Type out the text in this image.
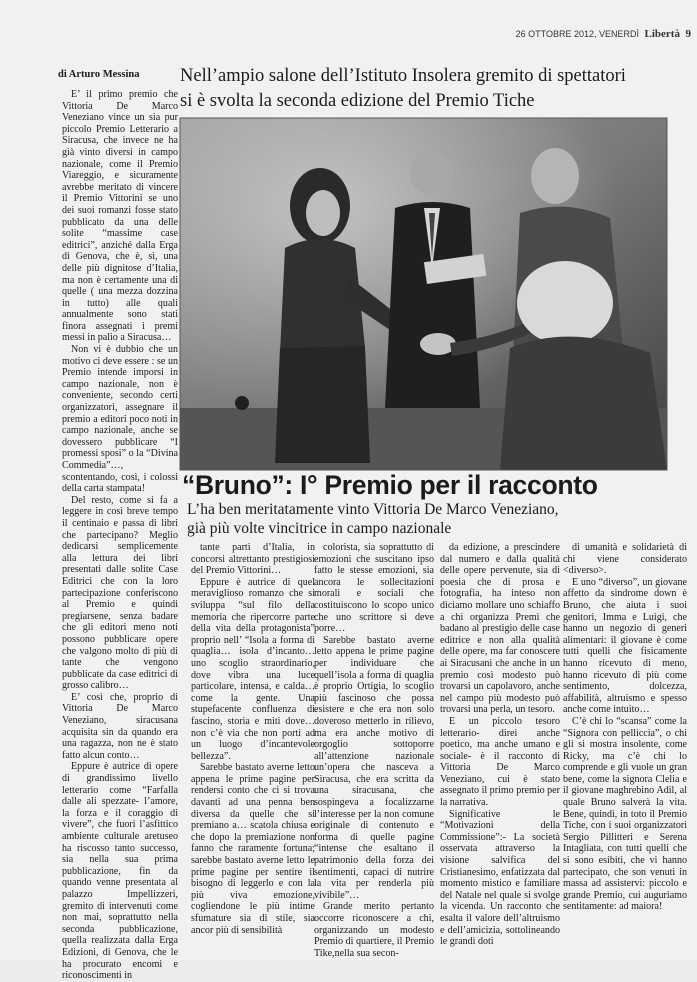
26 OTTOBRE 2012, VENERDÌ Libertà 9
di Arturo Messina Nell’ampio salone dell’Istituto Insolera gremito di spettatori
si è svolta la seconda edizione del Premio Tiche
“Bruno”: I° Premio per il racconto
L’ha ben meritatamente vinto Vittoria De Marco Veneziano,
già più volte vincitrice in campo nazionale

E’ il primo premio che Vittoria De Marco Veneziano vince un sia pur piccolo Premio Letterario a Siracusa, che invece ne ha già vinto diversi in campo nazionale, come il Premio Viareggio, e sicuramente avrebbe meritato di vincere il Premio Vittorini se uno dei suoi romanzi fosse stato pubblicato da una delle solite “massime case editrici”, anziché dalla Erga di Genova, che è, sì, una delle più dignitose d’Italia, ma non è certamente una di quelle ( una mezza dozzina in tutto) alle quali annualmente sono stati finora assegnati i premi messi in palio a Siracusa…

Non vi è dubbio che un motivo ci deve essere : se un Premio intende imporsi in campo nazionale, non è conveniente, secondo certi organizzatori, assegnare il premio a editori poco noti in campo nazionale, anche se dovessero pubblicare “I promessi sposi” o la “Divina Commedia”…, scontentando, così, i colossi della carta stampata!

Del resto, come si fa a leggere in così breve tempo il centinaio e passa di libri che partecipano? Meglio dedicarsi semplicemente alla lettura dei libri presentati dalle solite Case Editrici che con la loro partecipazione conferiscono al Premio e quindi pregiarsene, senza badare che gli editori meno noti possono pubblicare opere che valgono molto di più di tante che vengono pubblicate da case editrici di grosso calibro…

E’ così che, proprio di Vittoria De Marco Veneziano, siracusana acquisita sin da quando era una ragazza, non ne è stato fatto alcun conto…

Eppure è autrice di opere di grandissimo livello letterario come “Farfalla dalle ali spezzate- l’amore, la forza e il coraggio di vivere”, che fuori l’asfittico ambiente culturale aretuseo ha riscosso tanto successo, sia nella sua prima pubblicazione, fin da quando venne presentata al palazzo Impellizzeri, gremito di intervenuti come non mai, soprattutto nella seconda pubblicazione, quella realizzata dalla Erga Edizioni, di Genova, che le ha procurato encomi e riconoscimenti in

tante parti d’Italia, in concorsi altrettanto prestigiosi del Premio Vittorini…

Eppure è autrice di quel meraviglioso romanzo che si sviluppa “sul filo della memoria che ripercorre parte della vita della protagonista” proprio nell’ “Isola a forma di quaglia… isola d’incanto… uno scoglio straordinario, dove vibra una luce particolare, intensa, e calda… come la gente. Una stupefacente confluenza di fascino, storia e miti dove… non c’è via che non porti ad un luogo d’incantevole bellezza”.

Sarebbe bastato averne letto appena le prime pagine per rendersi conto che ci si trova davanti ad una penna ben diversa da quelle che si premiano a… scatola chiusa e che dopo la premiazione non fanno che raramente fortuna; sarebbe bastato averne letto le prime pagine per sentire il bisogno di leggerlo e con la più viva emozione, cogliendone le più intime sfumature sia di stile, sia ancor più di sensibilità

colorista, sia soprattutto di emozioni che suscitano ipso fatto le stesse emozioni, sia ancora le sollecitazioni morali e sociali che costituiscono lo scopo unico che uno scrittore si deve porre…

Sarebbe bastato averne letto appena le prime pagine per individuare che quell’isola a forma di quaglia è proprio Ortigia, lo scoglio più fascinoso che possa esistere e che era non solo doveroso metterlo in rilievo, ma era anche motivo di orgoglio sottoporre all’attenzione nazionale un’opera che nasceva a Siracusa, che era scritta da una siracusana, che sospingeva a focalizzarne l’interesse per la non comune originale di contenuto e forma di quelle pagine “intense che esaltano il patrimonio della forza dei sentimenti, capaci di nutrire la vita per renderla più vivibile”…

Grande merito pertanto occorre riconoscere a chi, organizzando un modesto Premio di quartiere, il Premio Tike,nella sua secon-

da edizione, a prescindere dal numero e dalla qualità delle opere pervenute, sia di poesia che di prosa e fotografia, ha inteso non diciamo mollare uno schiaffo a chi organizza Premi che badano al prestigio delle case editrice e non alla qualità delle opere, ma far conoscere ai Siracusani che anche in un premio così modesto può trovarsi un capolavoro, anche nel campo più modesto può trovarsi una perla, un tesoro.

E un piccolo tesoro letterario- direi anche poetico, ma anche umano e sociale- è il racconto di Vittoria De Marco Veneziano, cui è stato assegnato il primo premio per la narrativa.

Significative le “Motivazioni della Commissione”:- La società osservata attraverso la visione salvifica del Cristianesimo, enfatizzata dal momento mistico e familiare del Natale nel quale si svolge la vicenda. Un racconto che esalta il valore dell’altruismo e dell’amicizia, sottolineando le grandi doti

di umanità e solidarietà di chi viene considerato <diverso>.

E uno “diverso”, un giovane affetto da sindrome down è Bruno, che aiuta i suoi genitori, Imma e Luigi, che hanno un negozio di generi alimentari: il giovane è come tutti quelli che fisicamente hanno ricevuto di meno, hanno ricevuto di più come sentimento, dolcezza, affabilità, altruismo e spesso anche come intuito…

C’è chi lo “scansa” come la “Signora con pelliccia”, o chi gli si mostra insolente, come Ricky, ma c’è chi lo comprende e gli vuole un gran bene, come la signora Clelia e il giovane maghrebino Adil, al quale Bruno salverà la vita. Bene, quindi, in toto il Premio Tiche, con i suoi organizzatori Sergio Pillitteri e Serena Intagliata, con tutti quelli che si sono esibiti, che vi hanno partecipato, che son venuti in massa ad assistervi: piccolo e grande Premio, cui auguriamo sentitamente: ad maiora!
